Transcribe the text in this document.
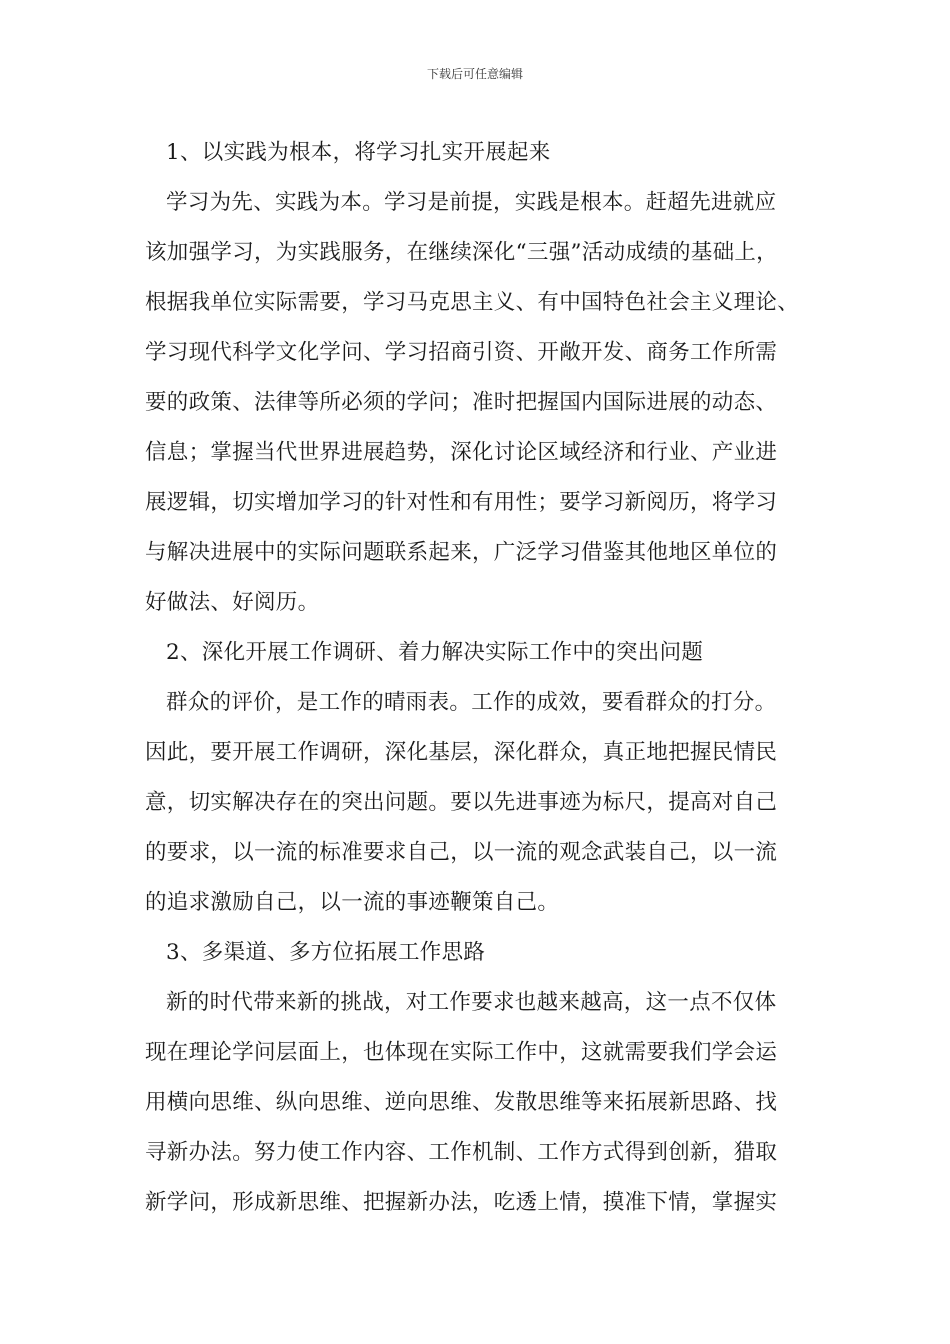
下载后可任意编辑
1、以实践为根本，将学习扎实开展起来
学习为先、实践为本。学习是前提，实践是根本。赶超先进就应
该加强学习，为实践服务，在继续深化“三强”活动成绩的基础上，
根据我单位实际需要，学习马克思主义、有中国特色社会主义理论、
学习现代科学文化学问、学习招商引资、开敞开发、商务工作所需
要的政策、法律等所必须的学问；准时把握国内国际进展的动态、
信息；掌握当代世界进展趋势，深化讨论区域经济和行业、产业进
展逻辑，切实增加学习的针对性和有用性；要学习新阅历，将学习
与解决进展中的实际问题联系起来，广泛学习借鉴其他地区单位的
好做法、好阅历。
2、深化开展工作调研、着力解决实际工作中的突出问题
群众的评价，是工作的晴雨表。工作的成效，要看群众的打分。
因此，要开展工作调研，深化基层，深化群众，真正地把握民情民
意，切实解决存在的突出问题。要以先进事迹为标尺，提高对自己
的要求，以一流的标准要求自己，以一流的观念武装自己，以一流
的追求激励自己，以一流的事迹鞭策自己。
3、多渠道、多方位拓展工作思路
新的时代带来新的挑战，对工作要求也越来越高，这一点不仅体
现在理论学问层面上，也体现在实际工作中，这就需要我们学会运
用横向思维、纵向思维、逆向思维、发散思维等来拓展新思路、找
寻新办法。努力使工作内容、工作机制、工作方式得到创新，猎取
新学问，形成新思维、把握新办法，吃透上情，摸准下情，掌握实
